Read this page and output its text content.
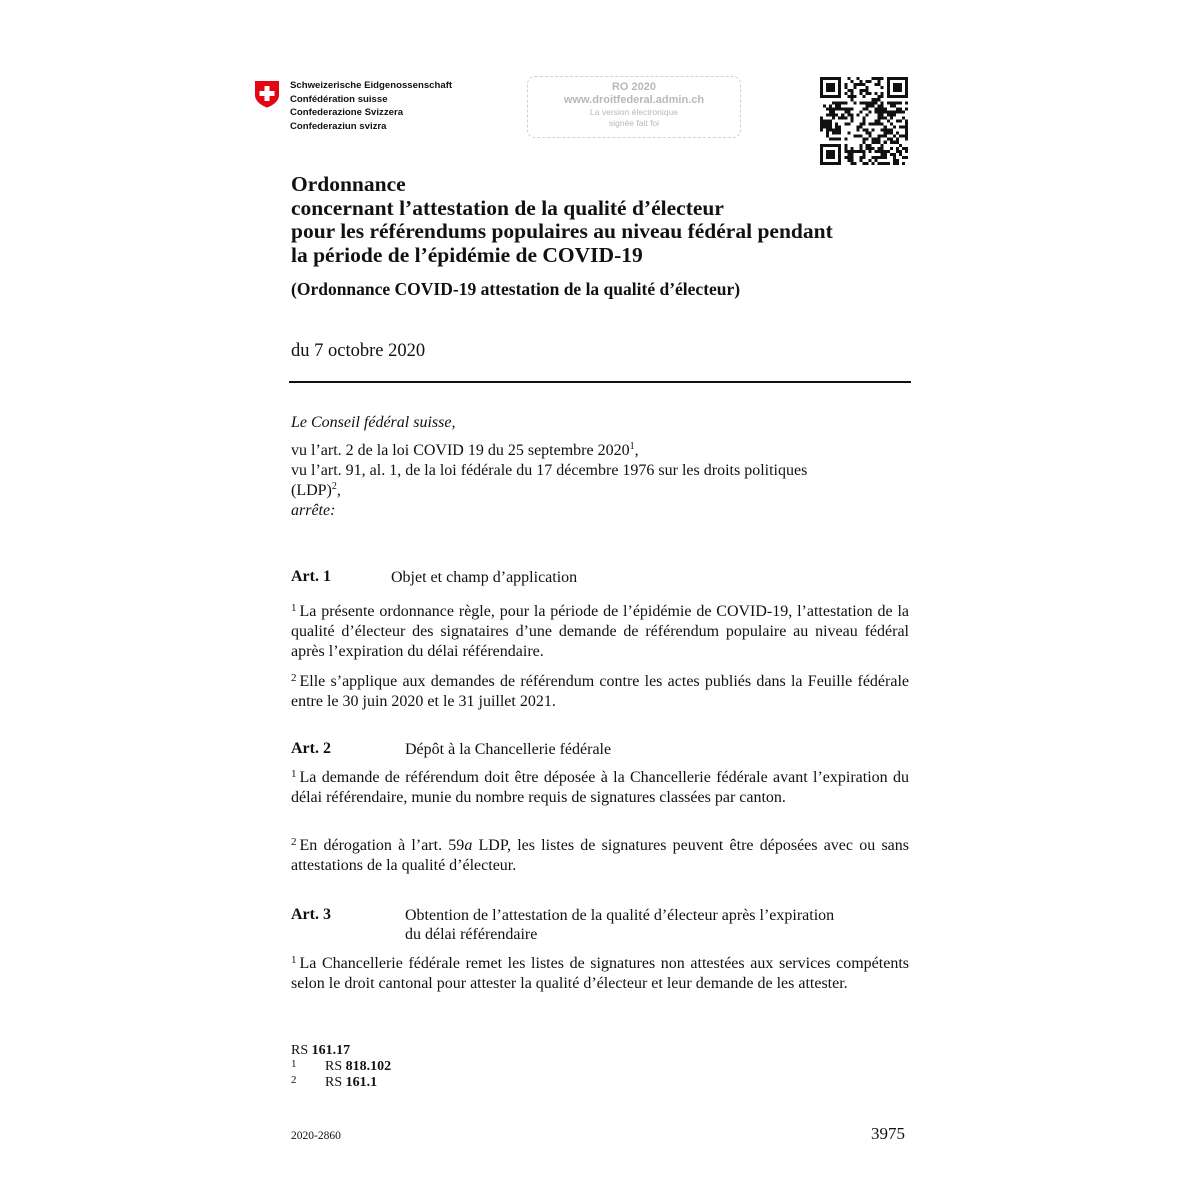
Schweizerische Eidgenossenschaft
Confédération suisse
Confederazione Svizzera
Confederaziun svizra
RO 2020
www.droitfederal.admin.ch
La version électronique
signée fait foi
Ordonnance
concernant l’attestation de la qualité d’électeur
pour les référendums populaires au niveau fédéral pendant
la période de l’épidémie de COVID-19
(Ordonnance COVID-19 attestation de la qualité d’électeur)
du 7 octobre 2020
Le Conseil fédéral suisse,
vu l’art. 2 de la loi COVID 19 du 25 septembre 2020$^1$,
vu l’art. 91, al. 1, de la loi fédérale du 17 décembre 1976 sur les droits politiques
(LDP)$^2$,
arrête:
Art. 1	Objet et champ d’application
$^1$ La présente ordonnance règle, pour la période de l’épidémie de COVID-19, l’attestation de la qualité d’électeur des signataires d’une demande de référendum populaire au niveau fédéral après l’expiration du délai référendaire.
$^2$ Elle s’applique aux demandes de référendum contre les actes publiés dans la Feuille fédérale entre le 30 juin 2020 et le 31 juillet 2021.
Art. 2	Dépôt à la Chancellerie fédérale
$^1$ La demande de référendum doit être déposée à la Chancellerie fédérale avant l’expiration du délai référendaire, munie du nombre requis de signatures classées par canton.
$^2$ En dérogation à l’art. 59a LDP, les listes de signatures peuvent être déposées avec ou sans attestations de la qualité d’électeur.
Art. 3	Obtention de l’attestation de la qualité d’électeur après l’expiration
du délai référendaire
$^1$ La Chancellerie fédérale remet les listes de signatures non attestées aux services compétents selon le droit cantonal pour attester la qualité d’électeur et leur demande de les attester.
RS 161.17
1 RS 818.102
2 RS 161.1
2020-2860	3975
